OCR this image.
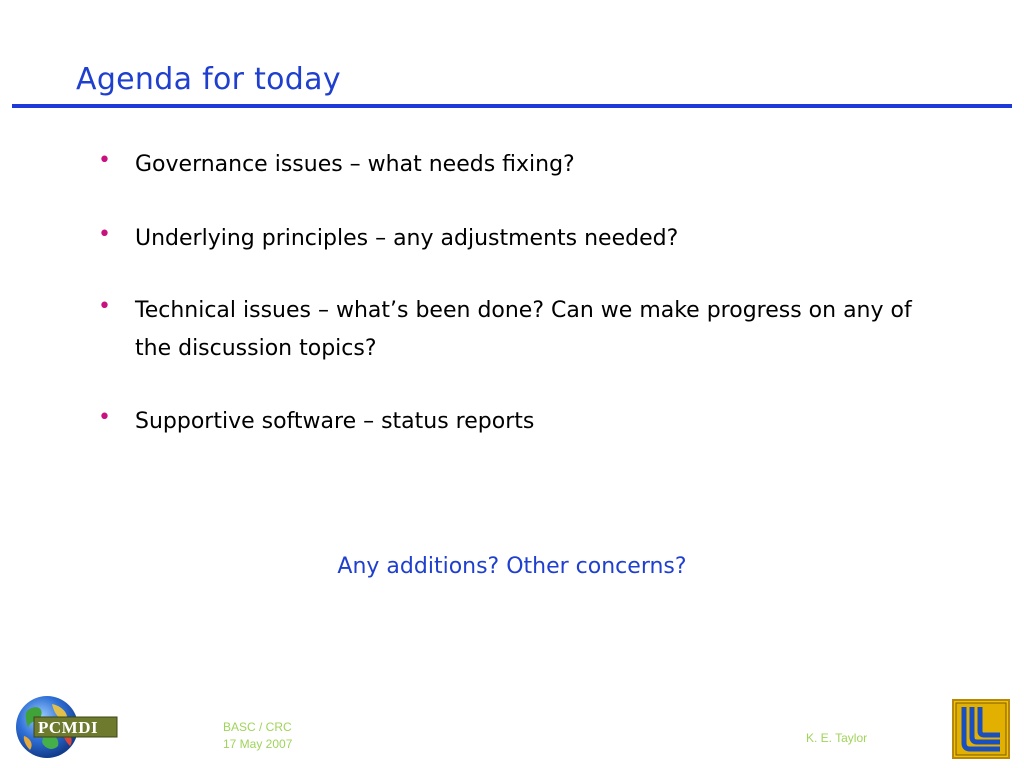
Agenda for today
• Governance issues – what needs fixing?
• Underlying principles – any adjustments needed?
• Technical issues – what’s been done? Can we make progress on any of the discussion topics?
• Supportive software – status reports
Any additions? Other concerns?
PCMDI	BASC / CRC
17 May 2007	K. E. Taylor
